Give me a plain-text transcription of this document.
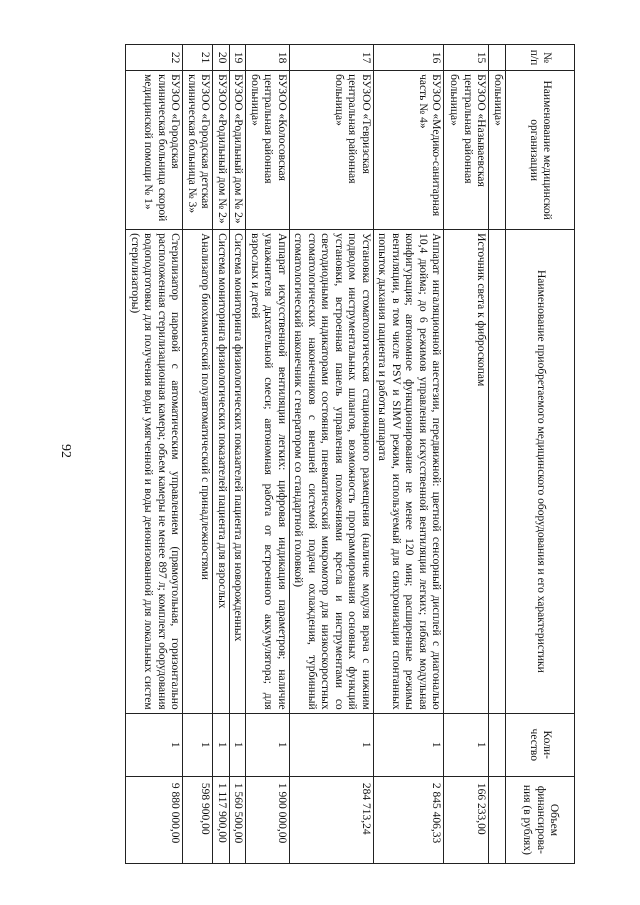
92
№ п/п	Наименование медицинской организации	Наименование приобретаемого медицинского оборудования и его характеристики	Коли-чество	Объем финансирова-ния (в рублях)
	больница»			
15	БУЗОО «Называевская центральная районная больница»	Источник света к фиброскопам	1	166 233,00
16	БУЗОО «Медико-санитарная часть № 4»	Аппарат ингаляционной анестезии, передвижной: цветной сенсорный дисплей с диагональю 10,4 дюйма; до 6 режимов управления искусственной вентиляции легких; гибкая модульная конфигурация; автономное функционирование не менее 120 мин; расширенные режимы вентиляции, в том числе PSV и SIMV режим, используемый для синхронизации спонтанных попыток дыхания пациента и работы аппарата	1	2 845 406,33
17	БУЗОО «Тевризская центральная районная больница»	Установка стоматологическая стационарного размещения (наличие модуля врача с нижним подводом инструментальных шлангов, возможность программирования основных функций установки, встроенная панель управления положениями кресла и инструментами со светодиодными индикаторами состояния, пневматический микромотор для низкоскоростных стоматологических наконечников с внешней системой подачи охлаждения, турбинный стоматологический наконечник с генератором со стандартной головкой)	1	284 713,24
18	БУЗОО «Колосовская центральная районная больница»	Аппарат искусственной вентиляции легких: цифровая индикация параметров; наличие увлажнителя дыхательной смеси; автономная работа от встроенного аккумулятора; для взрослых и детей	1	1 900 000,00
19	БУЗОО «Родильный дом № 2»	Система мониторинга физиологических показателей пациента для новорожденных	1	1 560 500,00
20	БУЗОО «Родильный дом № 2»	Система мониторинга физиологических показателей пациента для взрослых	1	1 117 900,00
21	БУЗОО «Городская детская клиническая больница № 3»	Анализатор биохимический полуавтоматический с принадлежностями	1	598 900,00
22	БУЗОО «Городская клиническая больница скорой медицинской помощи № 1»	Стерилизатор паровой с автоматическим управлением (прямоугольная, горизонтально расположенная стерилизационная камера; объем камеры не менее 897 л; комплект оборудования водоподготовки для получения воды умягченной и воды деионизованной для локальных систем (стерилизаторы)	1	9 880 000,00
